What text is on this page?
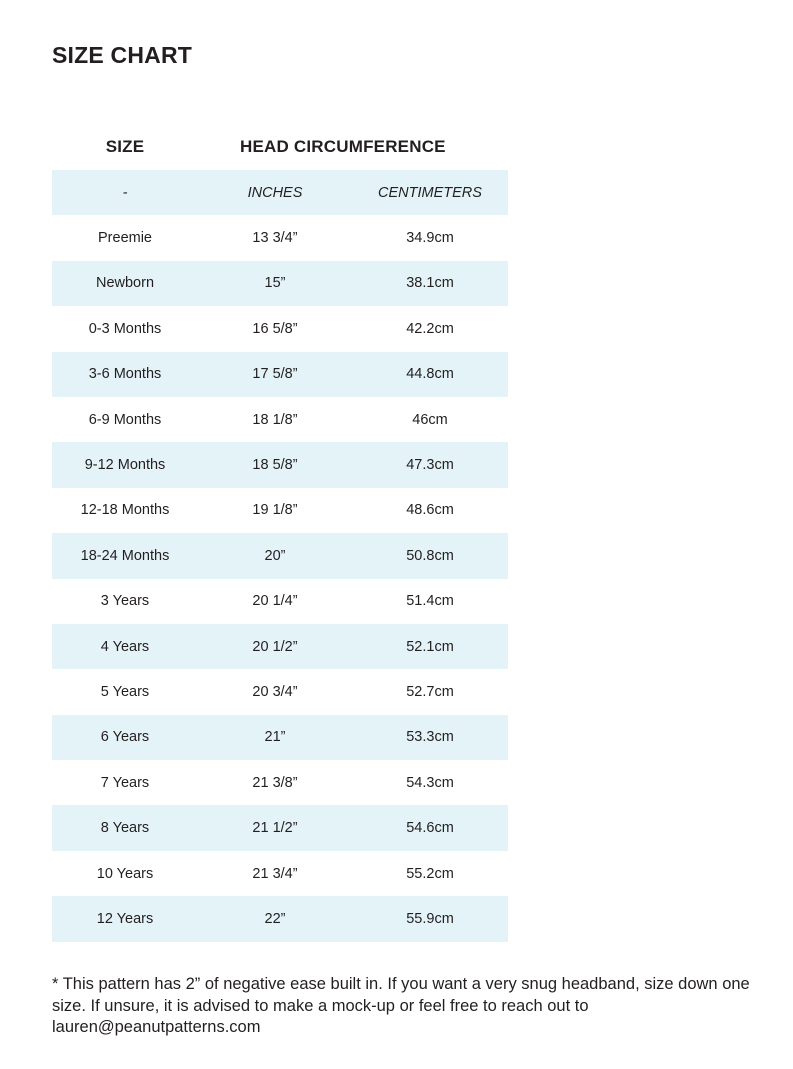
SIZE CHART
SIZE	HEAD CIRCUMFERENCE	
-	INCHES	CENTIMETERS
Preemie	13 3/4”	34.9cm
Newborn	15”	38.1cm
0-3 Months	16 5/8”	42.2cm
3-6 Months	17 5/8”	44.8cm
6-9 Months	18 1/8”	46cm
9-12 Months	18 5/8”	47.3cm
12-18 Months	19 1/8”	48.6cm
18-24 Months	20”	50.8cm
3 Years	20 1/4”	51.4cm
4 Years	20 1/2”	52.1cm
5 Years	20 3/4”	52.7cm
6 Years	21”	53.3cm
7 Years	21 3/8”	54.3cm
8 Years	21 1/2”	54.6cm
10 Years	21 3/4”	55.2cm
12 Years	22”	55.9cm

* This pattern has 2” of negative ease built in. If you want a very snug headband, size down one size. If unsure, it is advised to make a mock-up or feel free to reach out to lauren@peanutpatterns.com
